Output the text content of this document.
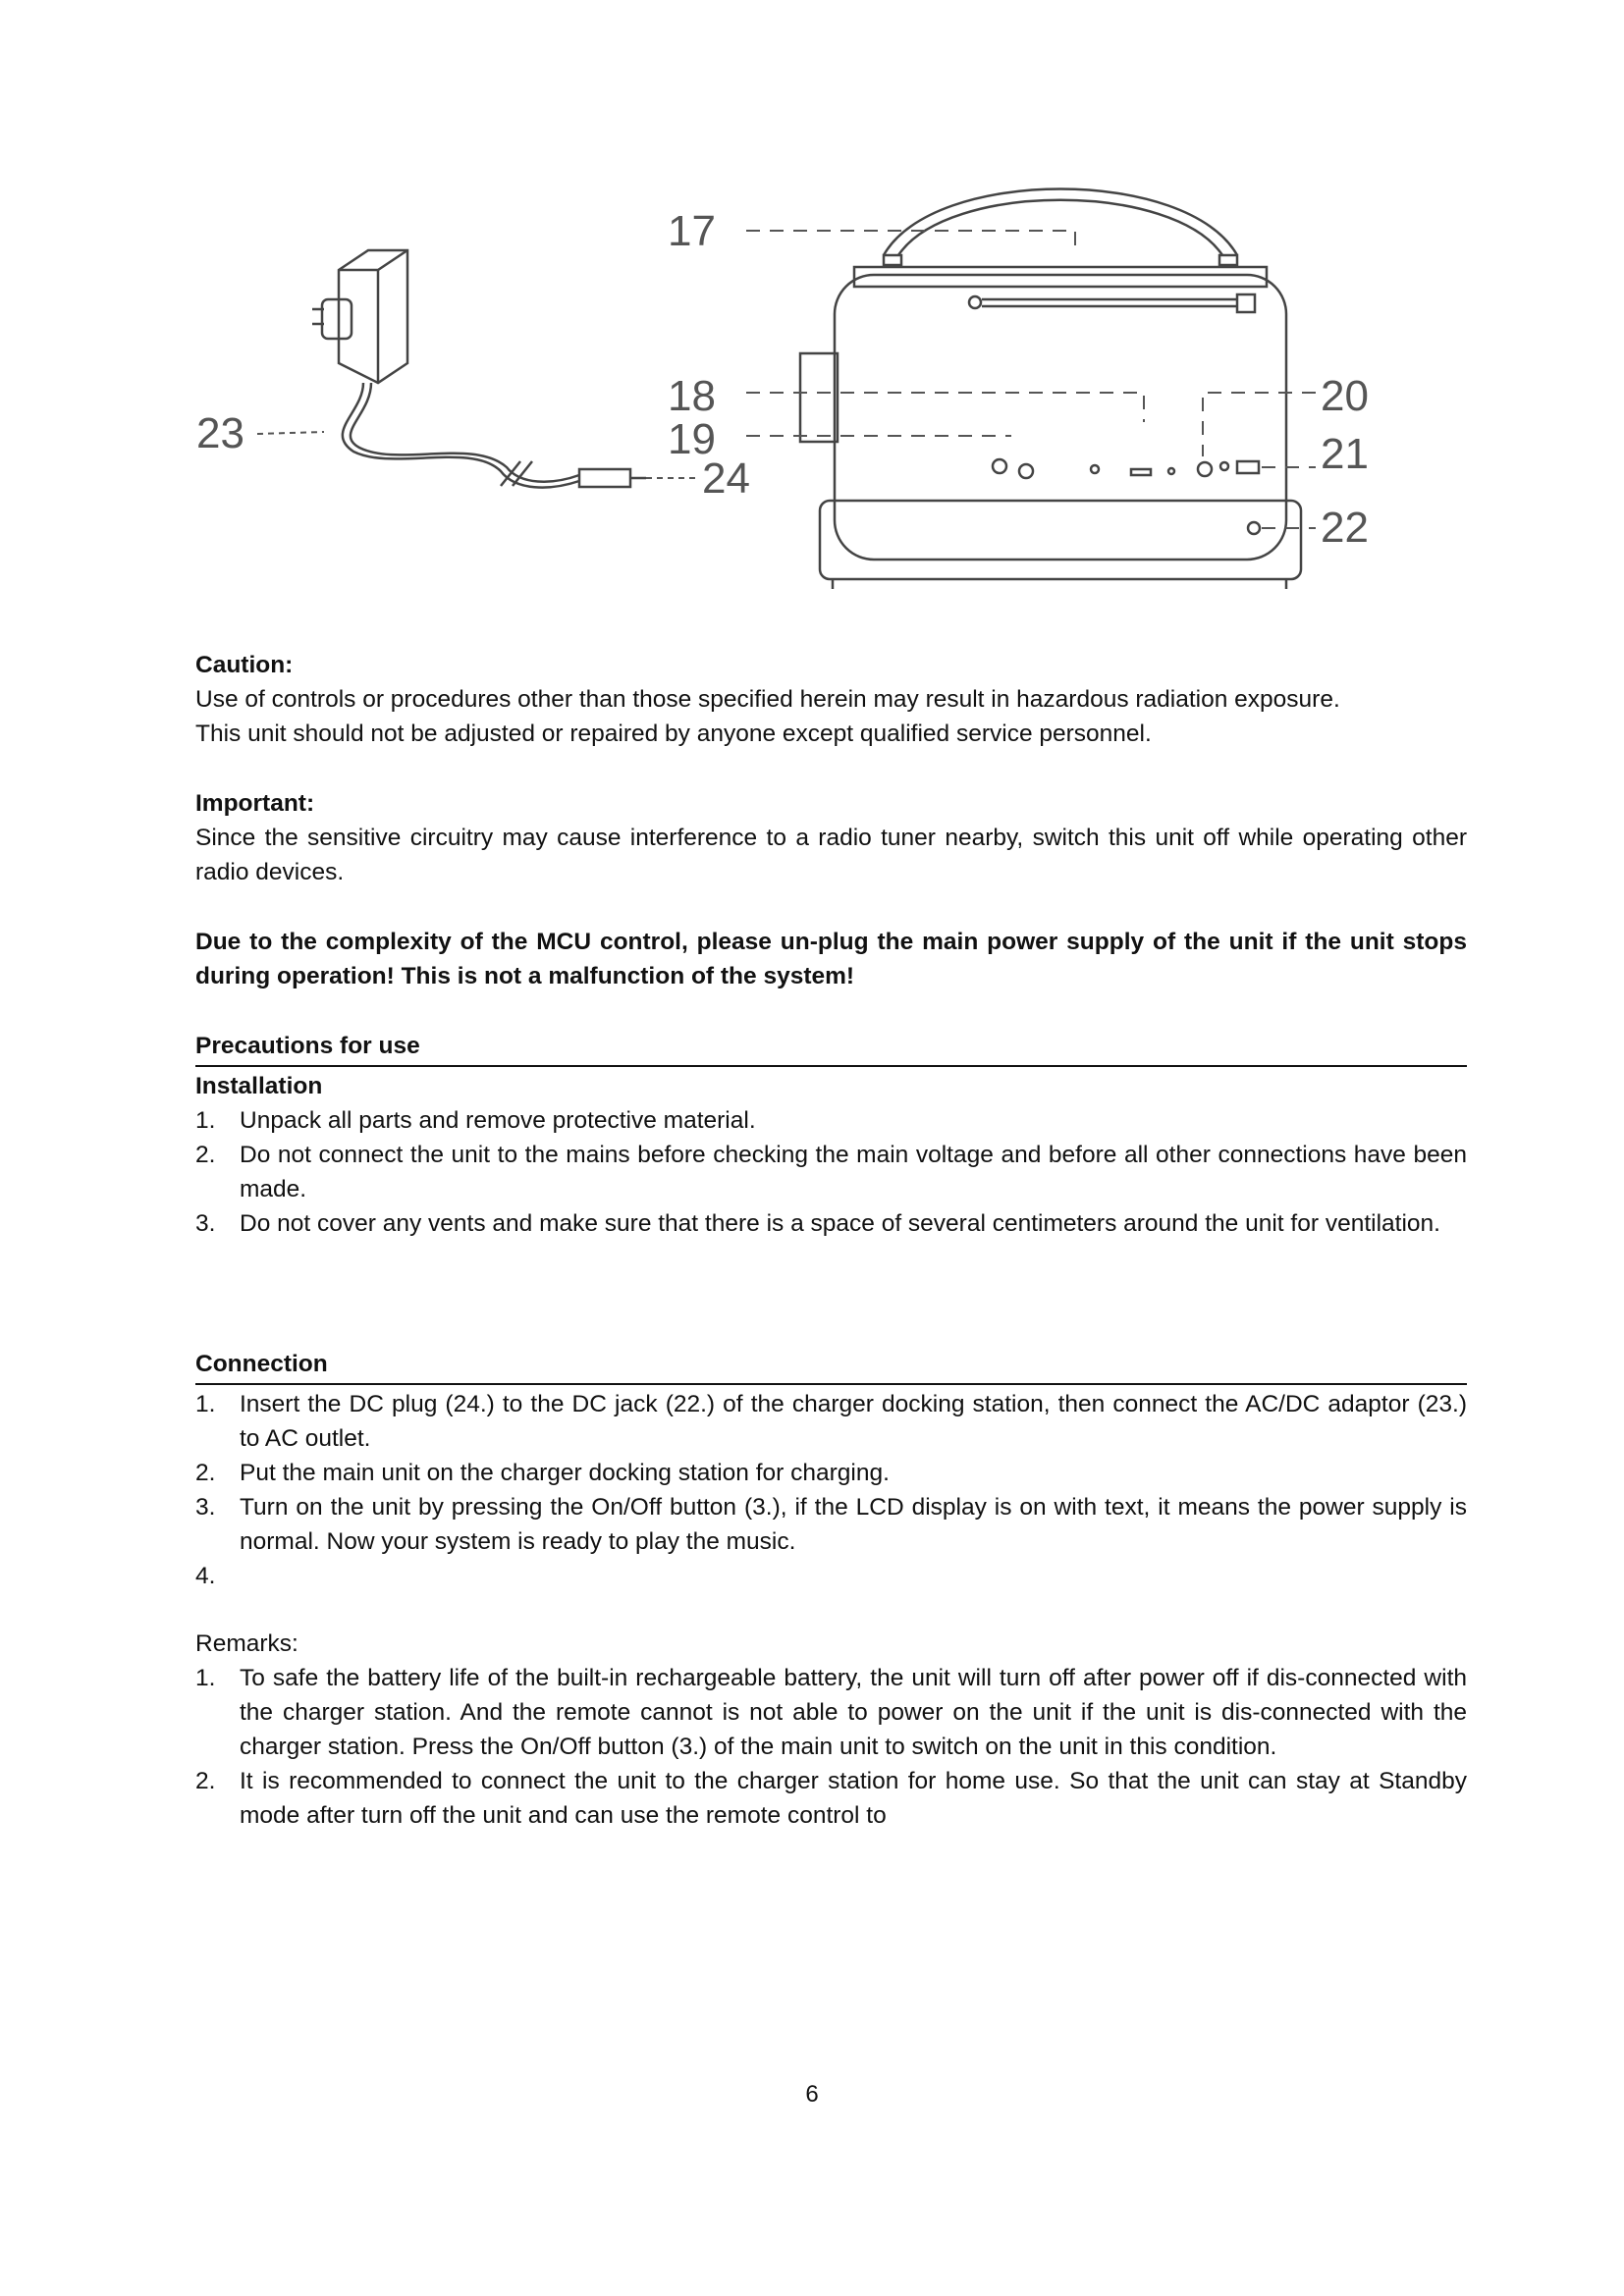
17
18
19
20
21
22
23
24
Caution:
Use of controls or procedures other than those specified herein may result in hazardous radiation exposure.
This unit should not be adjusted or repaired by anyone except qualified service personnel.
Important:
Since the sensitive circuitry may cause interference to a radio tuner nearby, switch this unit off while operating other radio devices.
Due to the complexity of the MCU control, please un-plug the main power supply of the unit if the unit stops during operation! This is not a malfunction of the system!
Precautions for use
Installation
1. Unpack all parts and remove protective material.
2. Do not connect the unit to the mains before checking the main voltage and before all other connections have been made.
3. Do not cover any vents and make sure that there is a space of several centimeters around the unit for ventilation.
Connection
1. Insert the DC plug (24.) to the DC jack (22.) of the charger docking station, then connect the AC/DC adaptor (23.) to AC outlet.
2. Put the main unit on the charger docking station for charging.
3. Turn on the unit by pressing the On/Off button (3.), if the LCD display is on with text, it means the power supply is normal. Now your system is ready to play the music.
4.

Remarks:
1. To safe the battery life of the built-in rechargeable battery, the unit will turn off after power off if dis-connected with the charger station. And the remote cannot is not able to power on the unit if the unit is dis-connected with the charger station. Press the On/Off button (3.) of the main unit to switch on the unit in this condition.
2. It is recommended to connect the unit to the charger station for home use. So that the unit can stay at Standby mode after turn off the unit and can use the remote control to
6
